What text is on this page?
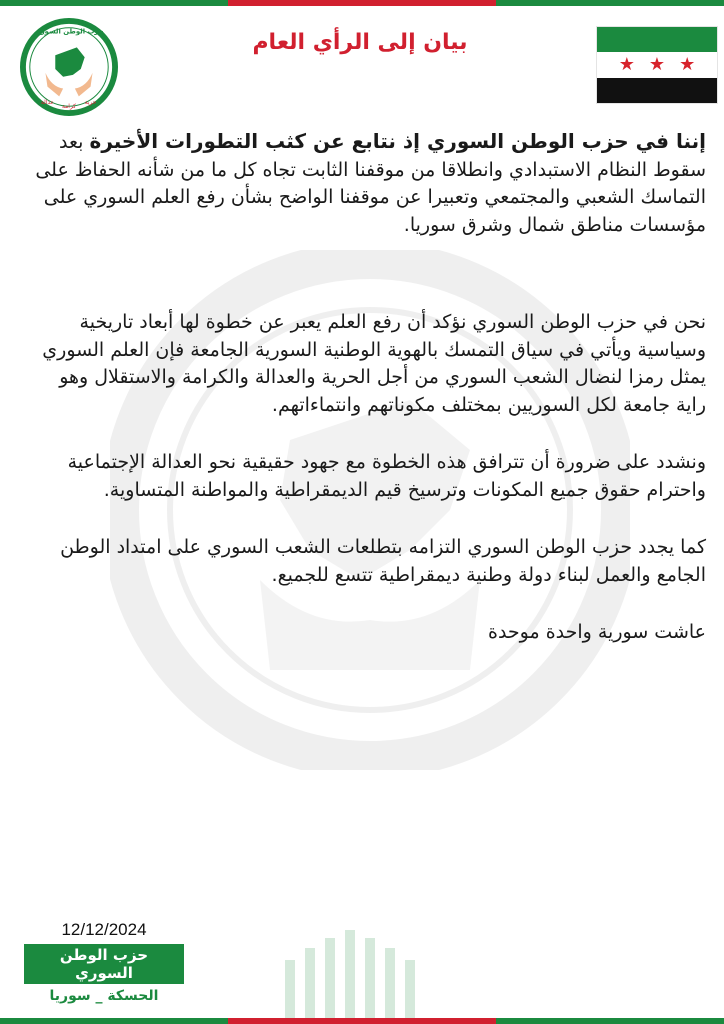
حزب الوطن السوري
عدالة
كرامة
حرية
بيان إلى الرأي العام
★ ★ ★

إننا في حزب الوطن السوري إذ نتابع عن كثب التطورات الأخيرة بعد سقوط النظام الاستبدادي وانطلاقا من موقفنا الثابت تجاه كل ما من شأنه الحفاظ على التماسك الشعبي والمجتمعي وتعبيرا عن موقفنا الواضح بشأن رفع العلم السوري على مؤسسات مناطق شمال وشرق سوريا.

نحن في حزب الوطن السوري نؤكد أن رفع العلم يعبر عن خطوة لها أبعاد تاريخية وسياسية ويأتي في سياق التمسك بالهوية الوطنية السورية الجامعة فإن العلم السوري يمثل رمزا لنضال الشعب السوري من أجل الحرية والعدالة والكرامة والاستقلال وهو راية جامعة لكل السوريين بمختلف مكوناتهم وانتماءاتهم.

ونشدد على ضرورة أن تترافق هذه الخطوة مع جهود حقيقية نحو العدالة الإجتماعية واحترام حقوق جميع المكونات وترسيخ قيم الديمقراطية والمواطنة المتساوية.

كما يجدد حزب الوطن السوري التزامه بتطلعات الشعب السوري على امتداد الوطن الجامع والعمل لبناء دولة وطنية ديمقراطية تتسع للجميع.

عاشت سورية واحدة موحدة

12/12/2024
حزب الوطن السوري
الحسكة _ سوريا
